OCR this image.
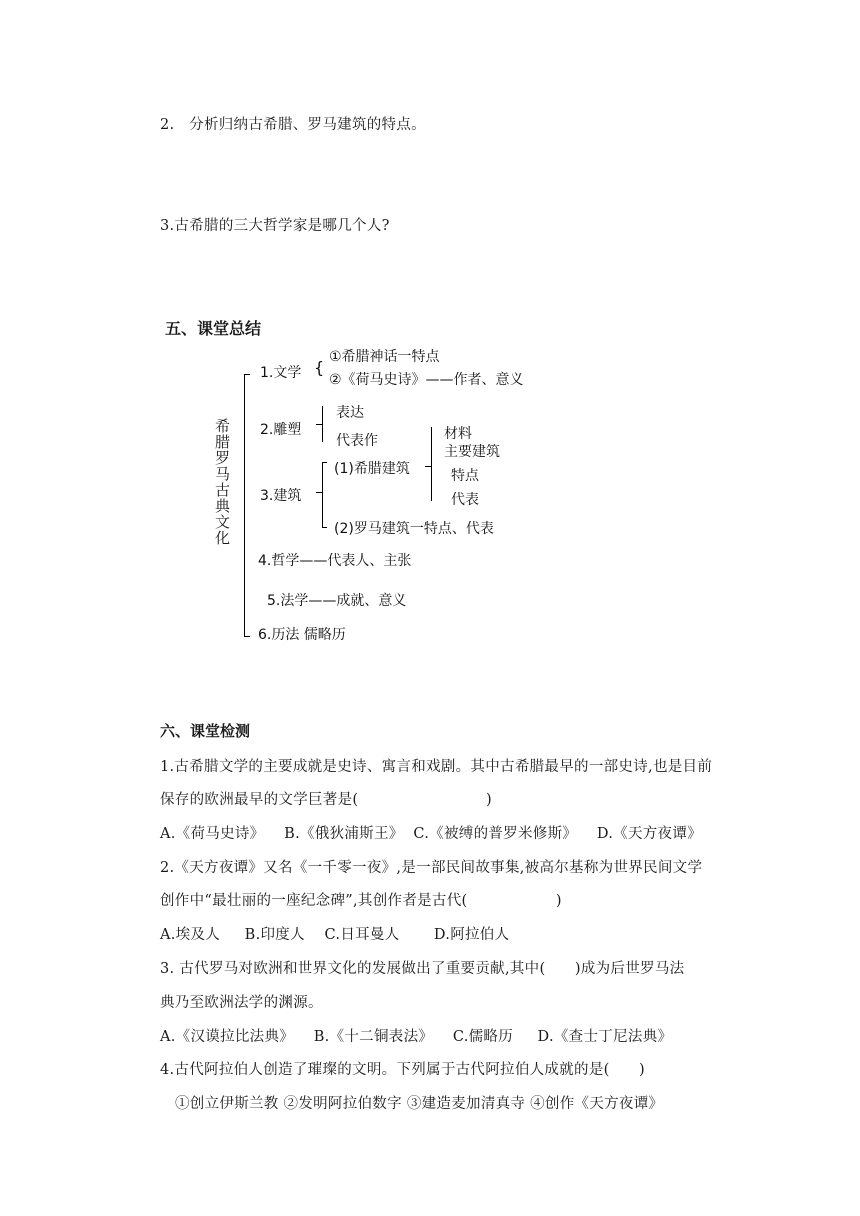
2.   分析归纳古希腊、罗马建筑的特点。
3.古希腊的三大哲学家是哪几个人?
五、课堂总结
希腊罗马古典文化
1.文学 {
①希腊神话一特点
②《荷马史诗》——作者、意义
2.雕塑
表达
代表作
3.建筑
(1)希腊建筑
材料
主要建筑
特点
代表
(2)罗马建筑一特点、代表
4.哲学——代表人、主张
5.法学——成就、意义
6.历法 儒略历
六、课堂检测
1.古希腊文学的主要成就是史诗、寓言和戏剧。其中古希腊最早的一部史诗,也是目前
保存的欧洲最早的文学巨著是(                          )
A.《荷马史诗》    B.《俄狄浦斯王》  C.《被缚的普罗米修斯》    D.《天方夜谭》
2.《天方夜谭》又名《一千零一夜》,是一部民间故事集,被高尔基称为世界民间文学
创作中“最壮丽的一座纪念碑”,其创作者是古代(                  )
A.埃及人     B.印度人    C.日耳曼人       D.阿拉伯人
3. 古代罗马对欧洲和世界文化的发展做出了重要贡献,其中(      )成为后世罗马法
典乃至欧洲法学的渊源。
A.《汉谟拉比法典》    B.《十二铜表法》    C.儒略历     D.《查士丁尼法典》
4.古代阿拉伯人创造了璀璨的文明。下列属于古代阿拉伯人成就的是(      )
①创立伊斯兰教 ②发明阿拉伯数字 ③建造麦加清真寺 ④创作《天方夜谭》
